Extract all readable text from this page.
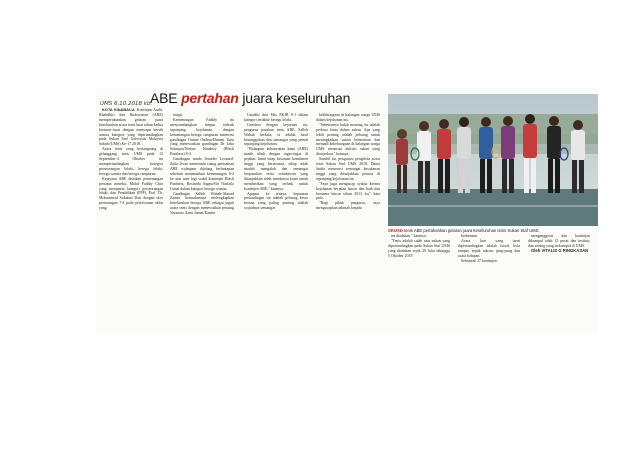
UMS 6.10.2018 kb.
ABE pertahan juara keseluruhan

KOTA KINABALU: Kontinjen Audit, Rhabdhiri dan Budowman (ABE) mempertahankan gelaran juara keseluruhan acara tenis buat tahun kedua berturut-turut dengan menyapu bersih semua kategori yang dipertandingkan pada Sukan Staf Universiti Malaysia Sabah (UMS) Ke-17 2018.

Acara tenis yang berlangsung di gelanggang tenis UMS pada 13 September-4 Oktober itu mempertandingkan kategori perseorangan lelaki, beregu lelaki, beregu wanita dan beregu campuran.

Kejayaan ABE diraikan pemenangan pertama mereka, Mohd Fadhly Chin yang menjuarai kategori perseorangan lelaki, dan Pendidikan (FPP), Prof. Dr. Mohammad Sukaimi Dari dengan skor pertarungan 7-4 pada perlawanan akhir yang

sengit.

Kemenangan Fadhly itu menyumbangkan tempat terbaik sepanjang kejohanan dengan kemenangan beregu campuran menerusi gandingan Oamie Ombuu/Damen Tuna yang menewaskan gandingan Dr Jabu Salanjon/Nirtaro Hutabiry (Black Panthers) 8-4.

Gandingan muda Jennifer Leonard-Zulia Jiwin memenuhi ruang permainan ABE walaupun dijulang berlantapan sebelum menamatkan kemenangan 8-4 ke atas ante lagi wakil kontinjen Black Panthers, Rosfinda Sagau/Siti Nurlaila Limat dalam kategori beregu wanita.

Gandingan Salleh Wahab-Ahmad Zainin kemudiannya melengkapkan keseluruhan beregu ABE sebagai jaguh acara tenis dengan menewaskan pesaing Veranato Azmi Jumat/Kamin

Umakhi dari Mix PKJB 8-1 dalam kategori terakhir beregu lelaki.

Gembira dengan kejayaan itu, pengurus pasukan tenis ABE, Salleh Wahab berkata, ia adalah hasil kesungguhan dan semangat yang penuh sepanjang kejohanan.

"Walaupun kebanyakan kami (ABE) masih sibuk dengan tugas-tugas di pejabat, kami tetap kesatuan komitmen tinggi yang berterusan, sikap tidak mudah mengalah dan semangat berpasukan serta setiakawan yang ditunjukkan telah membawa kami untuk memberikan yang terbaik untuk kontinjen ABE," katanya.

Apapun ke tenaya, kepuasan pertandingan ini adalah peluang besar kerana yang paling penting adalah wujudnya semangat

kekeluargaan di kalangan warga UMS dalam kejohanan ini.

"Sebenarnya kalah menang itu adalah perkara biasa dalam sukan. Apa yang lebih penting adalah peluang untuk meningkatkan sukan bermainan dan menjadi kekeluargaan di kalangan warga UMS menerusi aktiviti sukan yang dianjurkan," katanya.

Sambil itu, pengurusi pengelola acara tenis Sukan Staf UMS 2018, Dania Jaulin menerusi semangat kesukanan tinggi yang ditunjukkan peserta di sepanjang kejohanan ini.

"Saya juga mengucap syukur kerana kejohanan berjalan lancar dan baik dan bersama lancar tahun 2013 itu," kata pula.

"Bagi pihak pengurus, saya mengucapkan tahniah kepada

SKUAD tenis ABE pertahankan gelaran juara keseluruhan tenis Sukan Staf UMS.

ini diadakan," katanya.

"Tenis adalah salah satu sukan yang dipertandingkan pada Sukan Staf UMS yang diadakan sejak 29 Julai sehingga 5 Oktober 2018

berkenaan.

Acara lain yang turut dipertandingkan adalah futsal, bola tampar, sepak takraw, ping-pong dan acara balapan.

Sebanyak 17 kontinjen

menganggotai dan kontinjen dikumpul ialah 15 pusat dan institut, dan seiring yang terkumpul di UMS.

Oleh VITALIS G RINGKASAN
